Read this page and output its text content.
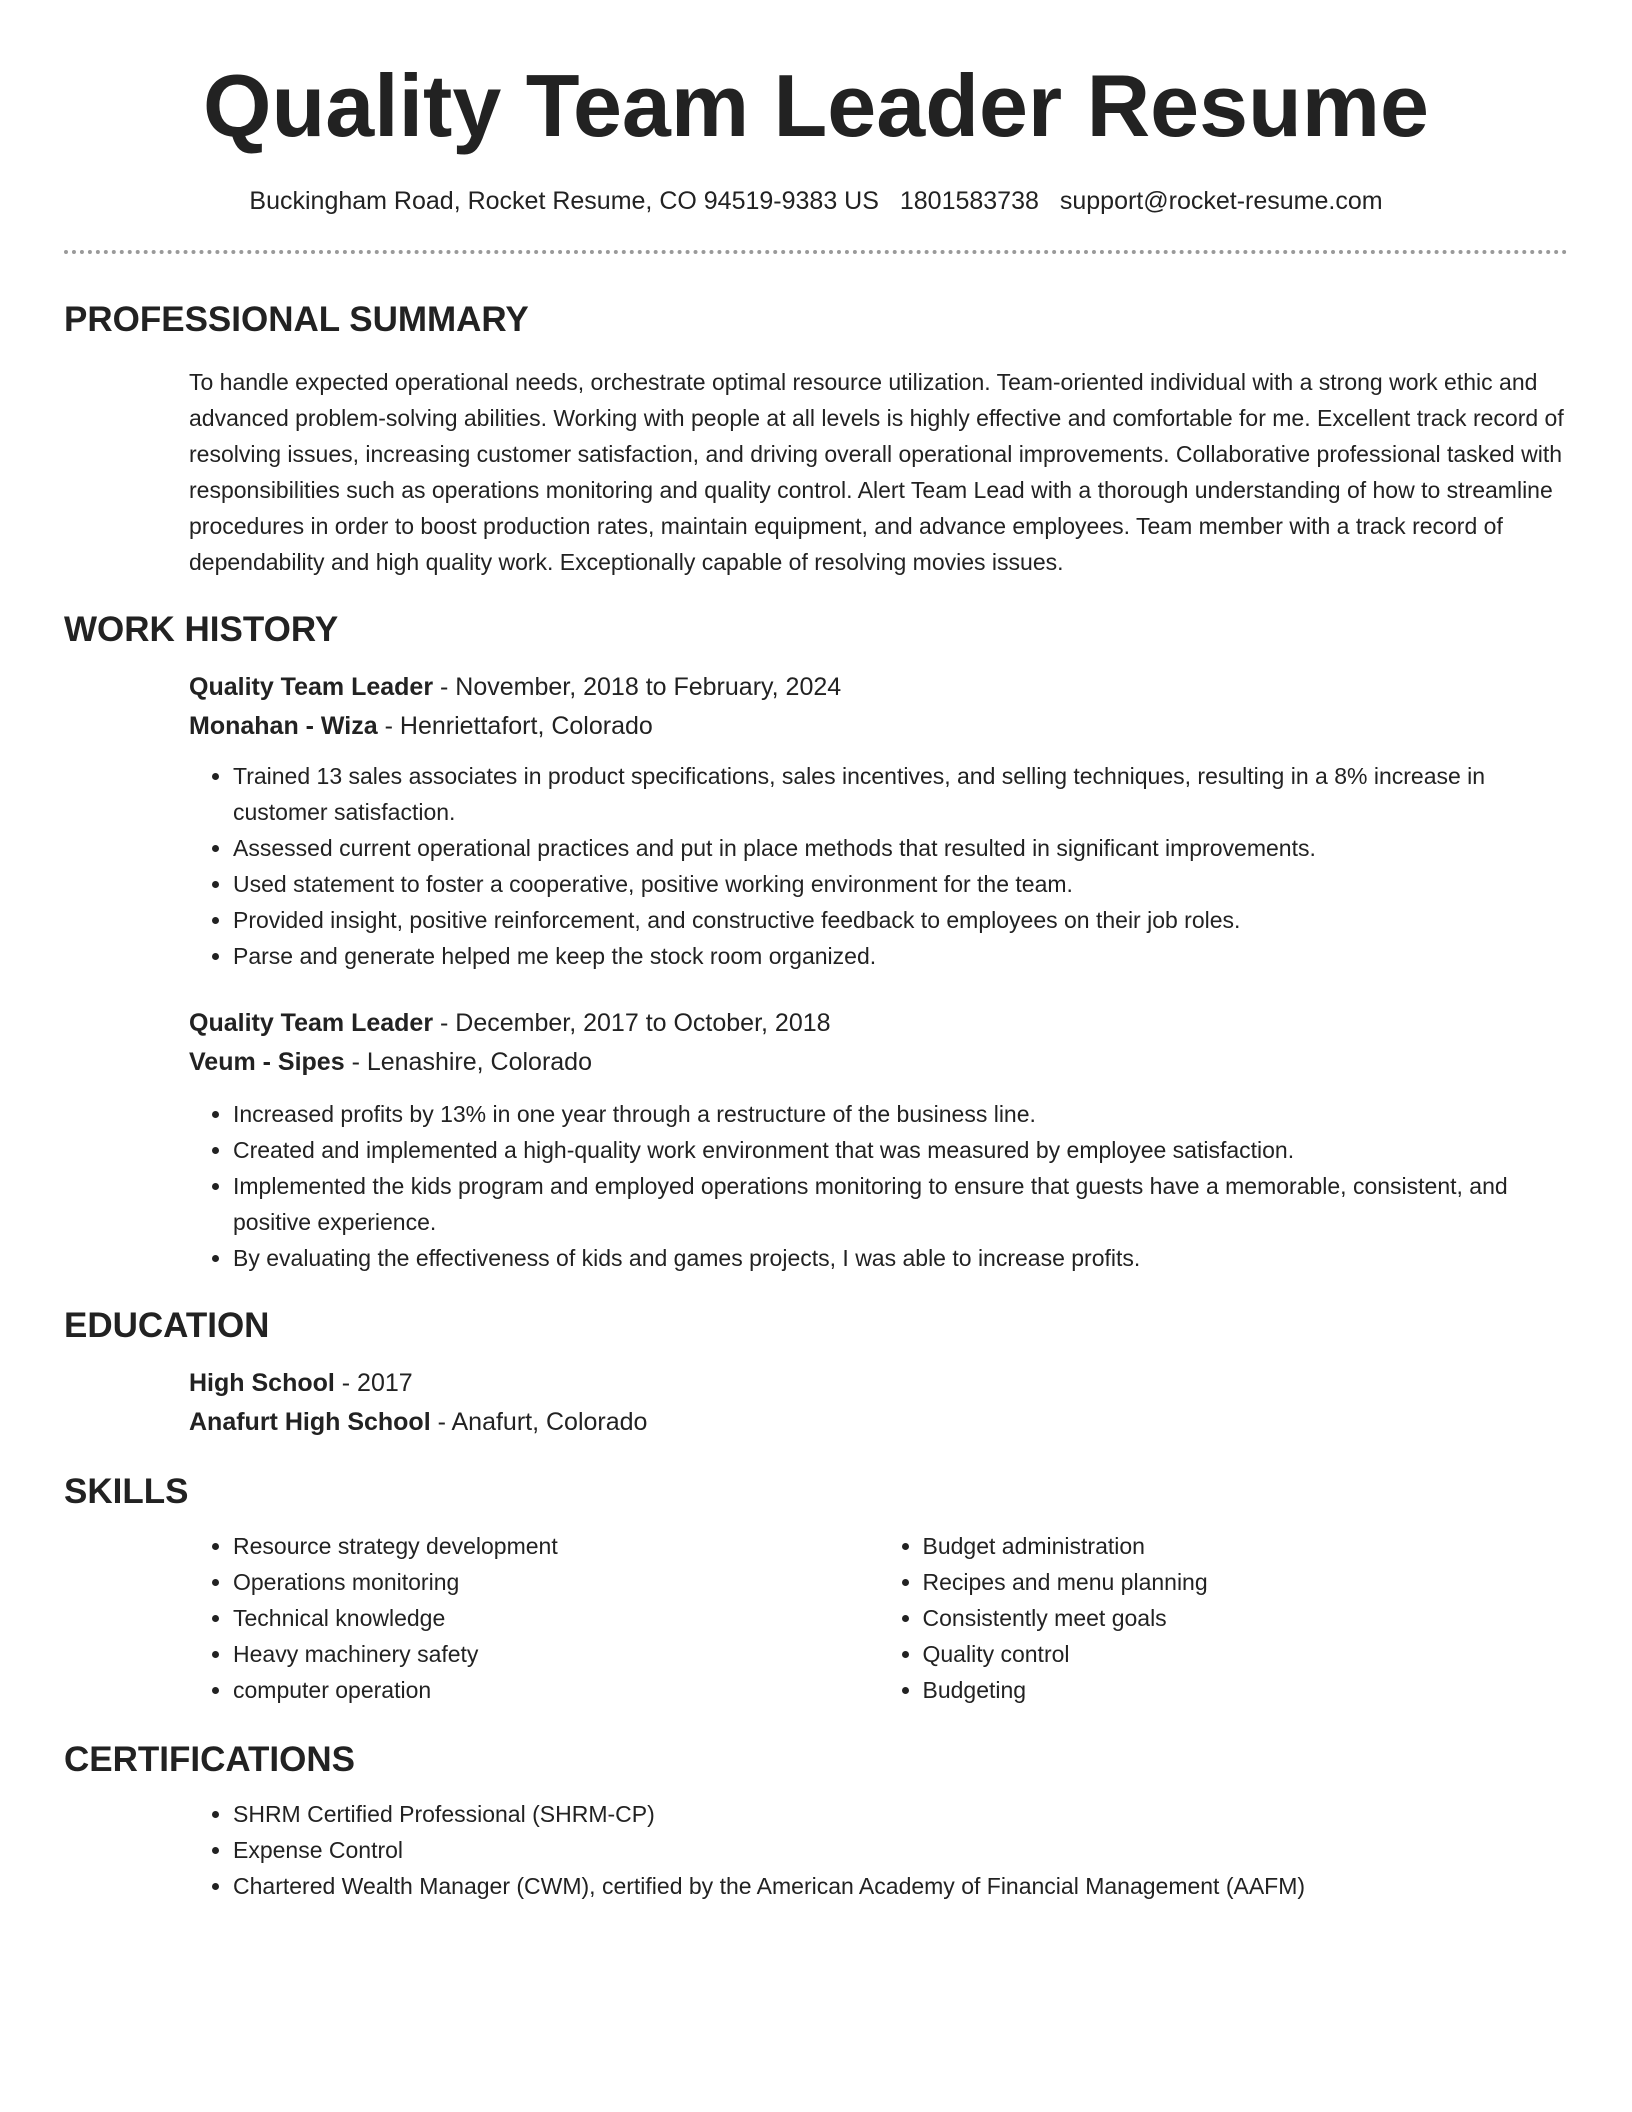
Quality Team Leader Resume
Buckingham Road, Rocket Resume, CO 94519-9383 US 1801583738 support@rocket-resume.com
PROFESSIONAL SUMMARY

To handle expected operational needs, orchestrate optimal resource utilization. Team-oriented individual with a strong work ethic and advanced problem-solving abilities. Working with people at all levels is highly effective and comfortable for me. Excellent track record of resolving issues, increasing customer satisfaction, and driving overall operational improvements. Collaborative professional tasked with responsibilities such as operations monitoring and quality control. Alert Team Lead with a thorough understanding of how to streamline procedures in order to boost production rates, maintain equipment, and advance employees. Team member with a track record of dependability and high quality work. Exceptionally capable of resolving movies issues.

WORK HISTORY
Quality Team Leader - November, 2018 to February, 2024
Monahan - Wiza - Henriettafort, Colorado
• Trained 13 sales associates in product specifications, sales incentives, and selling techniques, resulting in a 8% increase in customer satisfaction.
• Assessed current operational practices and put in place methods that resulted in significant improvements.
• Used statement to foster a cooperative, positive working environment for the team.
• Provided insight, positive reinforcement, and constructive feedback to employees on their job roles.
• Parse and generate helped me keep the stock room organized.
Quality Team Leader - December, 2017 to October, 2018
Veum - Sipes - Lenashire, Colorado
• Increased profits by 13% in one year through a restructure of the business line.
• Created and implemented a high-quality work environment that was measured by employee satisfaction.
• Implemented the kids program and employed operations monitoring to ensure that guests have a memorable, consistent, and positive experience.
• By evaluating the effectiveness of kids and games projects, I was able to increase profits.
EDUCATION
High School - 2017
Anafurt High School - Anafurt, Colorado
SKILLS
• Resource strategy development
• Operations monitoring
• Technical knowledge
• Heavy machinery safety
• computer operation
• Budget administration
• Recipes and menu planning
• Consistently meet goals
• Quality control
• Budgeting
CERTIFICATIONS
• SHRM Certified Professional (SHRM-CP)
• Expense Control
• Chartered Wealth Manager (CWM), certified by the American Academy of Financial Management (AAFM)
